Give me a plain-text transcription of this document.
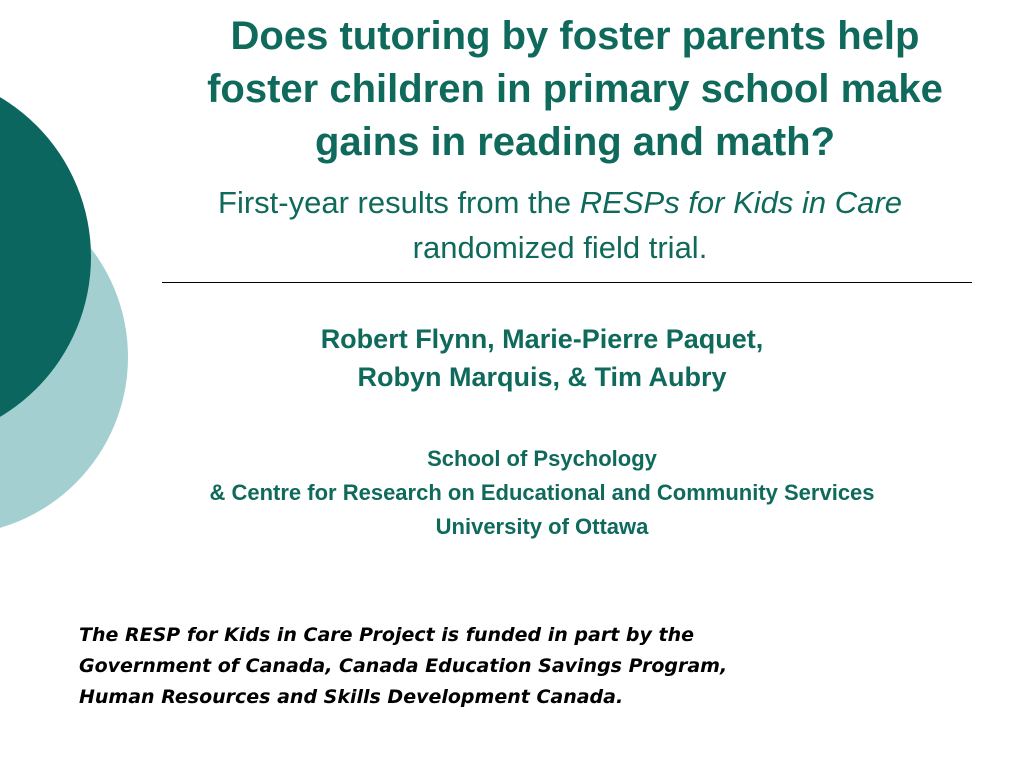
Does tutoring by foster parents help
foster children in primary school make
gains in reading and math?
First-year results from the RESPs for Kids in Care
randomized field trial.
Robert Flynn, Marie-Pierre Paquet,
Robyn Marquis, & Tim Aubry
School of Psychology
& Centre for Research on Educational and Community Services
University of Ottawa
The RESP for Kids in Care Project is funded in part by the
Government of Canada, Canada Education Savings Program,
Human Resources and Skills Development Canada.
